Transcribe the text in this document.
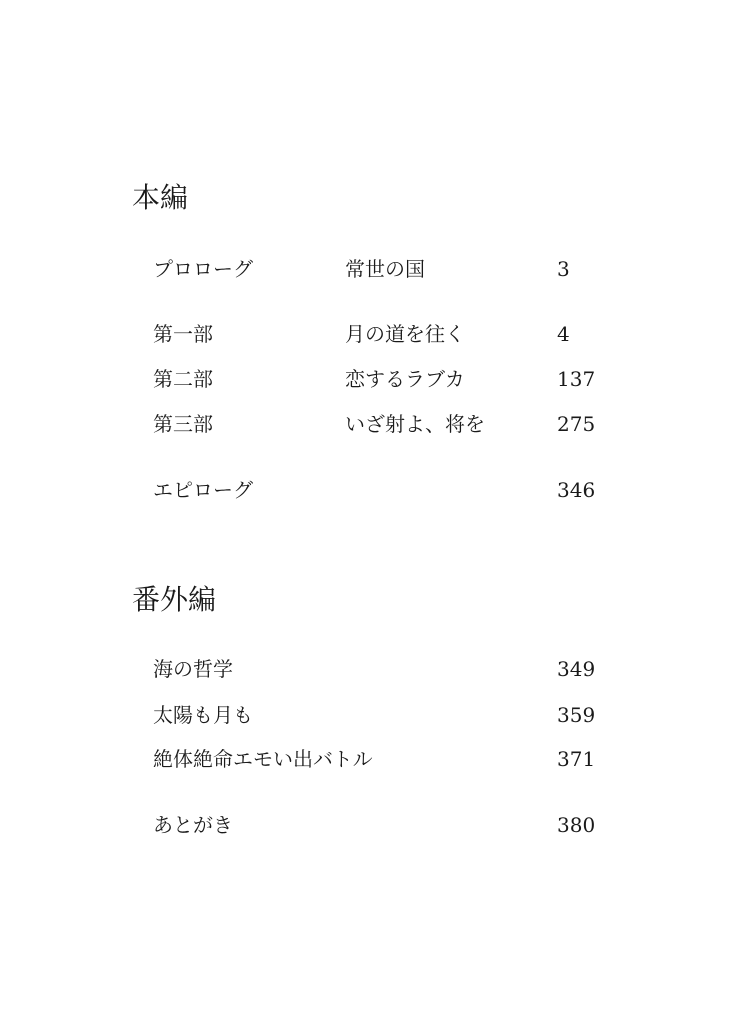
本編
プロローグ	常世の国	3
第一部	月の道を往く	4
第二部	恋するラブカ	137
第三部	いざ射よ、将を	275
エピローグ	346
番外編
海の哲学	349
太陽も月も	359
絶体絶命エモい出バトル	371
あとがき	380
